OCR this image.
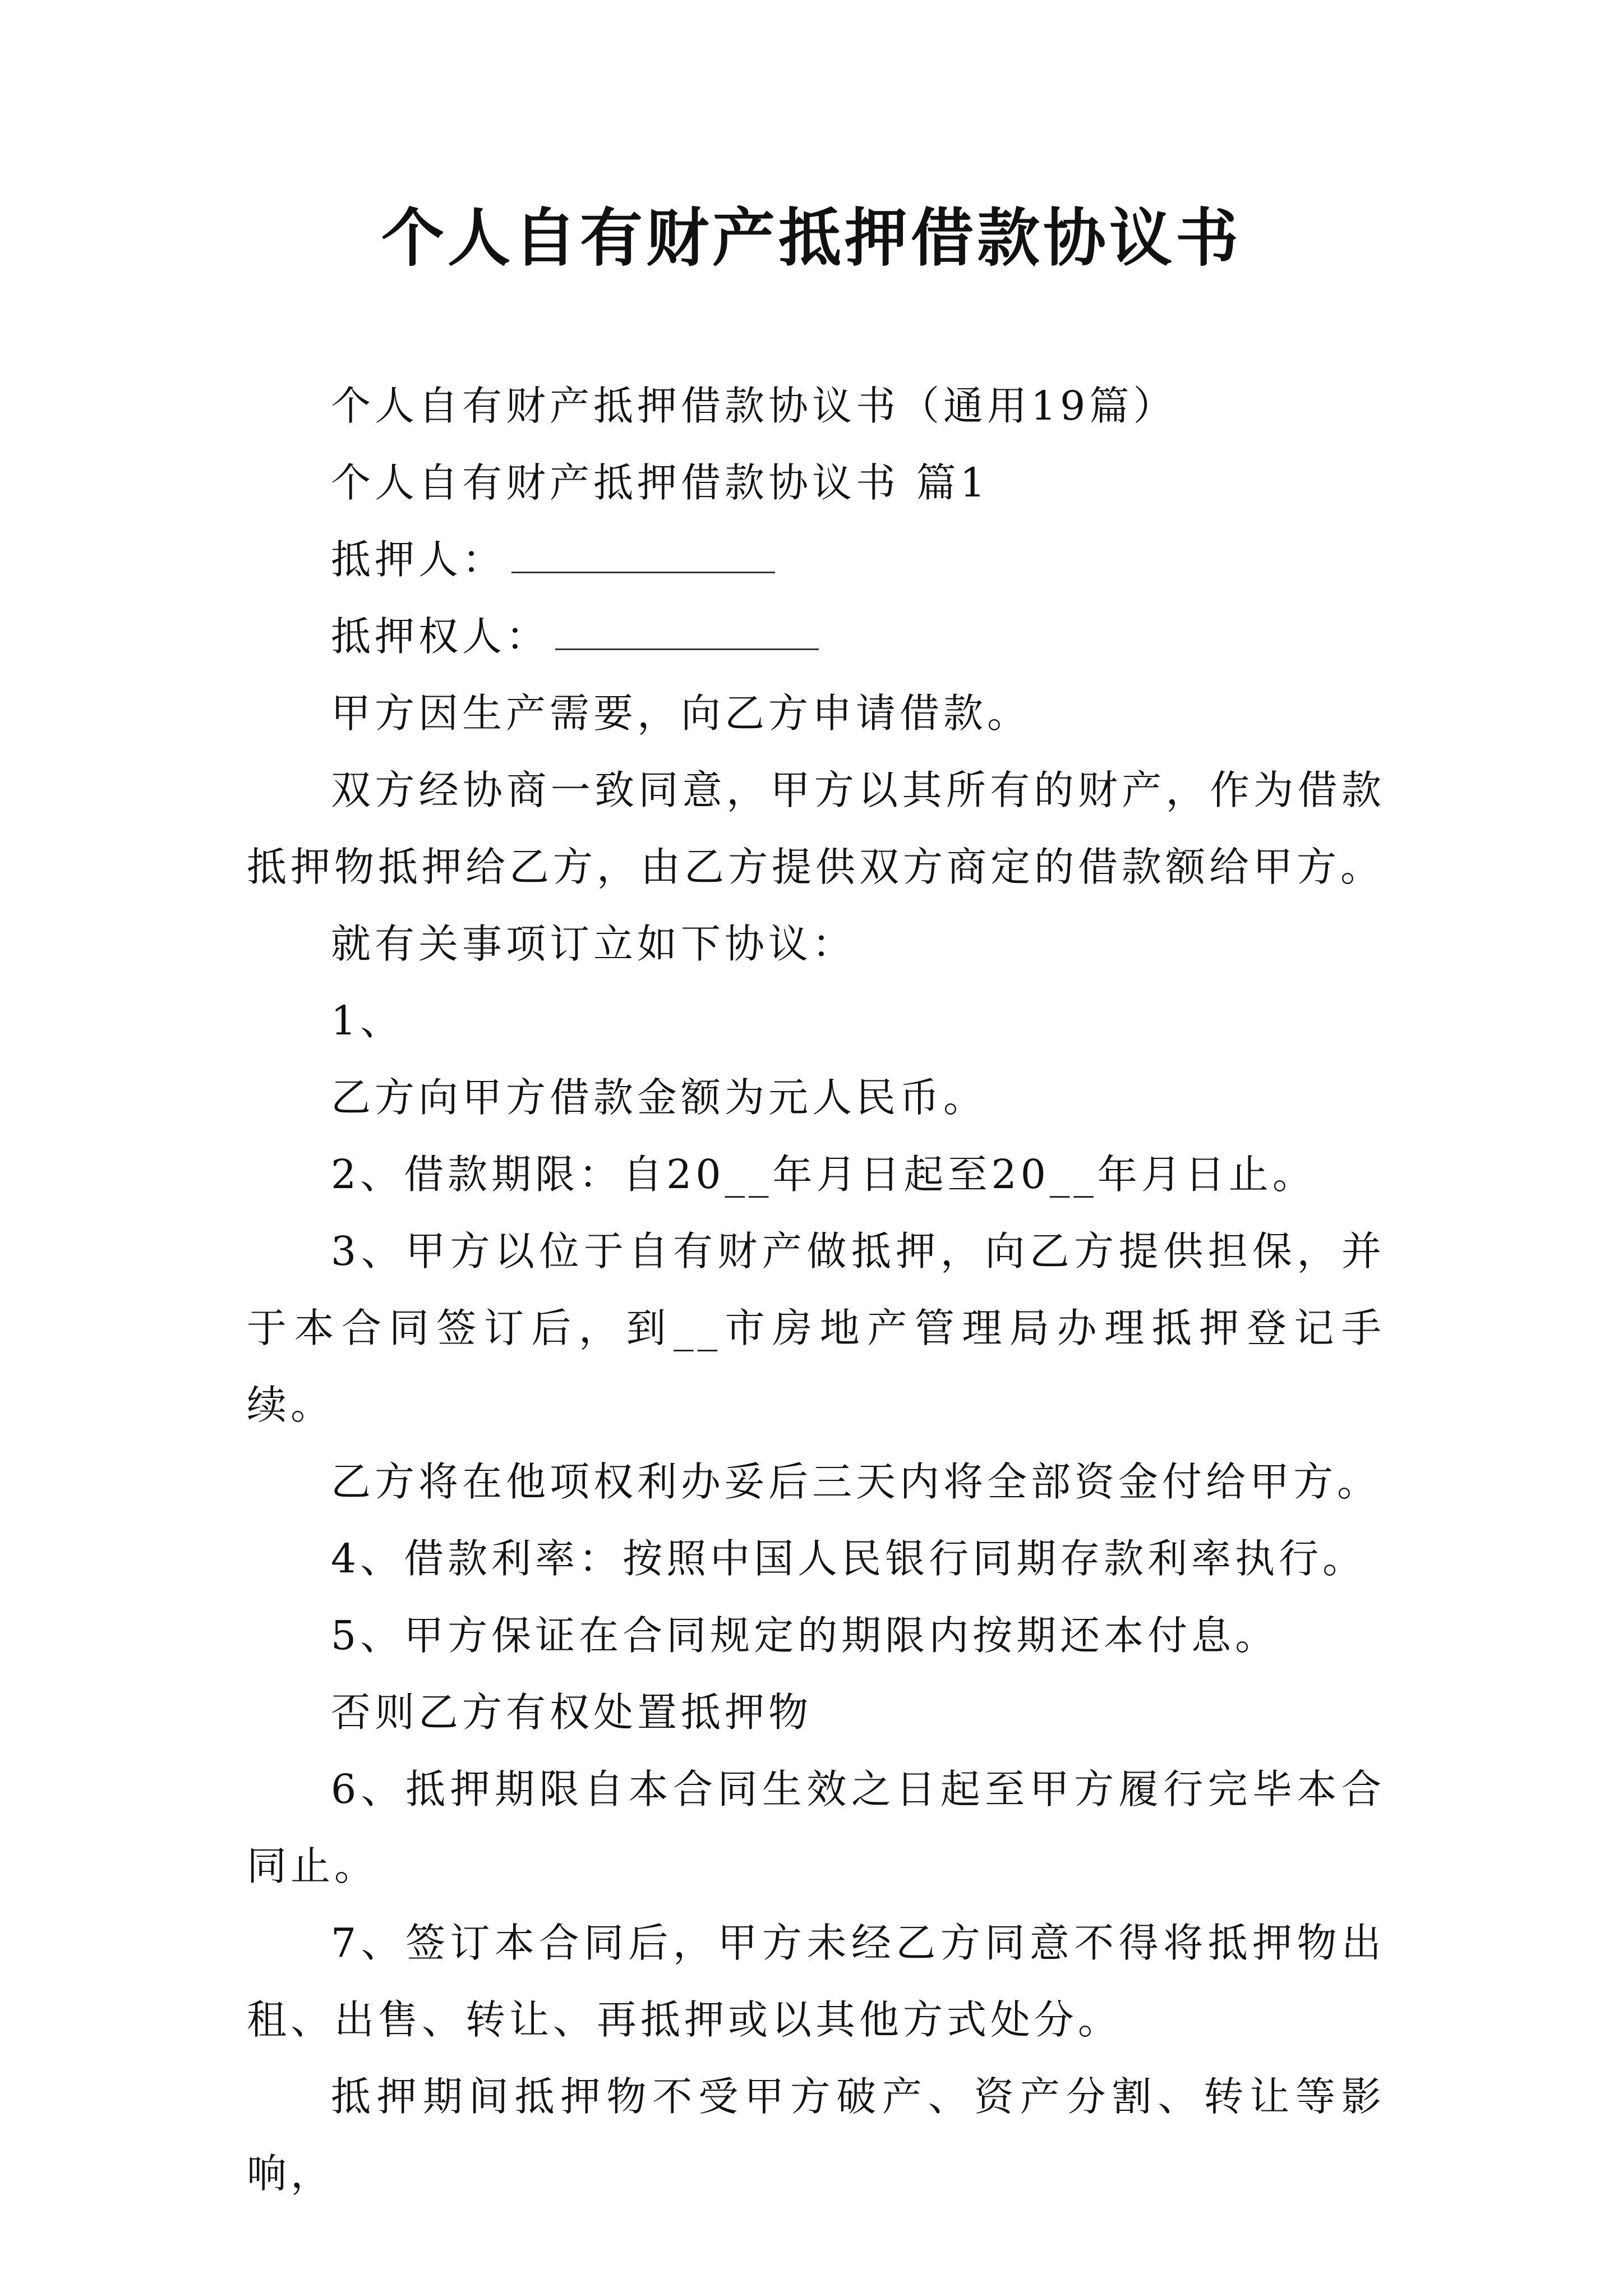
个人自有财产抵押借款协议书

个人自有财产抵押借款协议书（通用19篇）

个人自有财产抵押借款协议书 篇1

抵押人：

抵押权人：

甲方因生产需要，向乙方申请借款。

双方经协商一致同意，甲方以其所有的财产，作为借款抵押物抵押给乙方，由乙方提供双方商定的借款额给甲方。

就有关事项订立如下协议：

1、

乙方向甲方借款金额为元人民币。

2、借款期限：自20__年月日起至20__年月日止。

3、甲方以位于自有财产做抵押，向乙方提供担保，并于本合同签订后，到__市房地产管理局办理抵押登记手续。

乙方将在他项权利办妥后三天内将全部资金付给甲方。

4、借款利率：按照中国人民银行同期存款利率执行。

5、甲方保证在合同规定的期限内按期还本付息。

否则乙方有权处置抵押物

6、抵押期限自本合同生效之日起至甲方履行完毕本合同止。

7、签订本合同后，甲方未经乙方同意不得将抵押物出租、出售、转让、再抵押或以其他方式处分。

抵押期间抵押物不受甲方破产、资产分割、转让等影响，
